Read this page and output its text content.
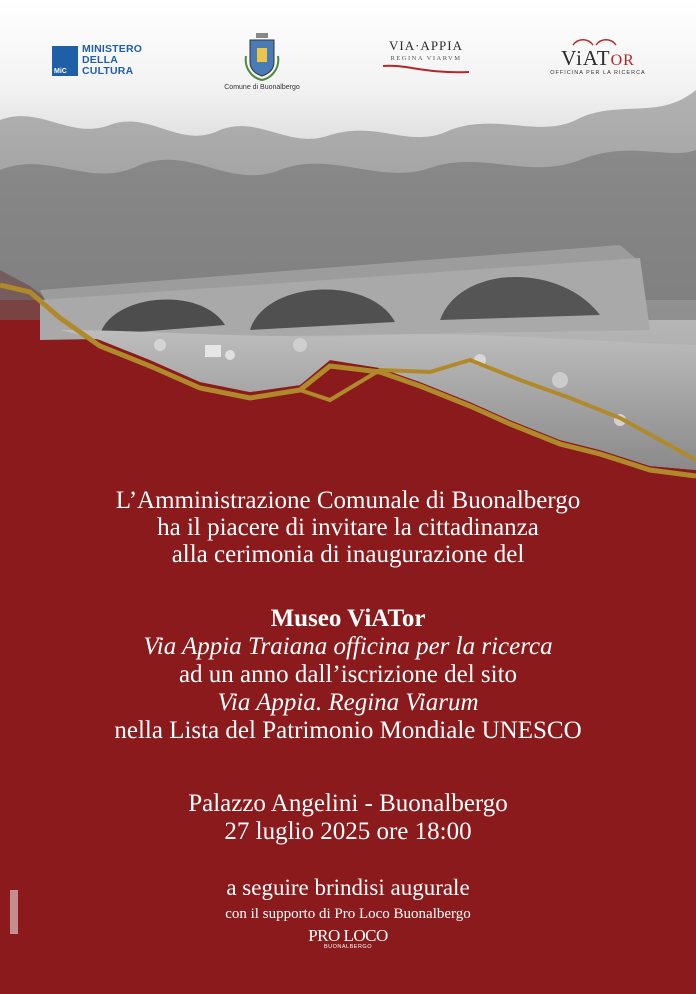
MiC
MINISTERO
DELLA
CULTURA
Comune di Buonalbergo
VIA·APPIA
REGINA VIARVM	ViATOR
OFFICINA PER LA RICERCA
L’Amministrazione Comunale di Buonalbergo
ha il piacere di invitare la cittadinanza
alla cerimonia di inaugurazione del
Museo ViATor
Via Appia Traiana officina per la ricerca
ad un anno dall’iscrizione del sito
Via Appia. Regina Viarum
nella Lista del Patrimonio Mondiale UNESCO
Palazzo Angelini - Buonalbergo
27 luglio 2025 ore 18:00
a seguire brindisi augurale
con il supporto di Pro Loco Buonalbergo
PRO LOCO
BUONALBERGO
